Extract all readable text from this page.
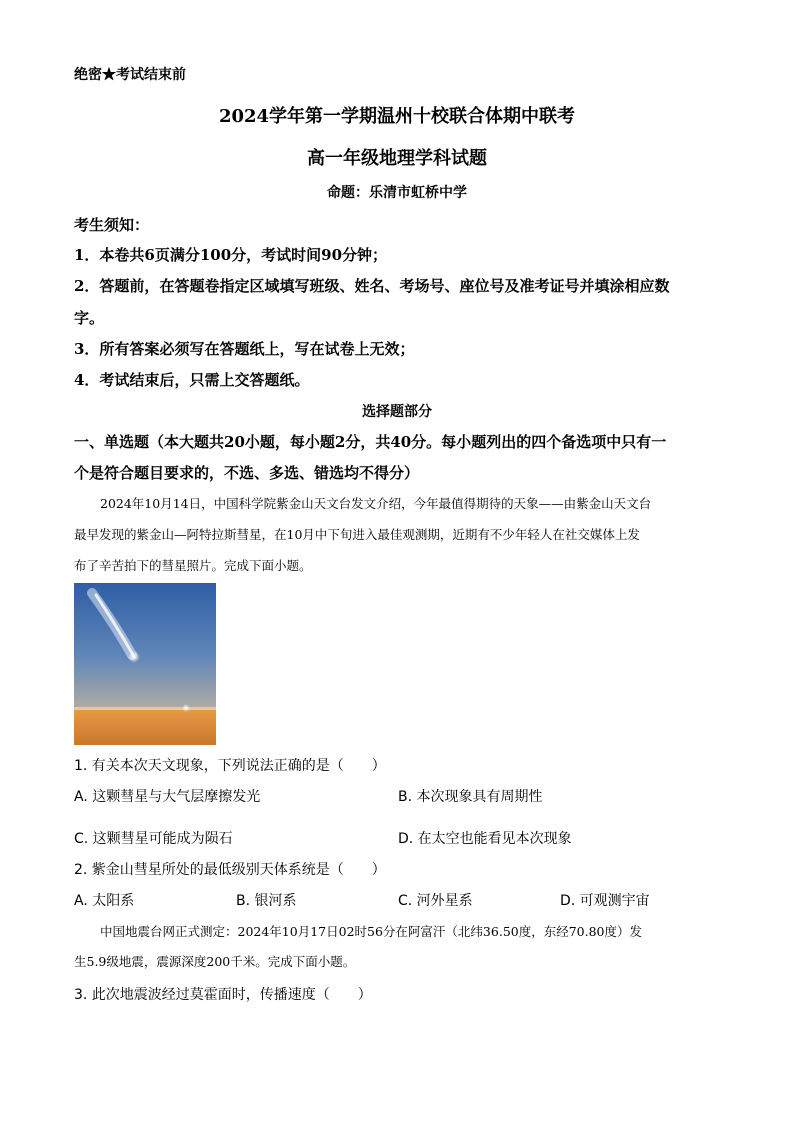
绝密★考试结束前
2024学年第一学期温州十校联合体期中联考
高一年级地理学科试题
命题：乐清市虹桥中学
考生须知：
1．本卷共6页满分100分，考试时间90分钟；
2．答题前，在答题卷指定区域填写班级、姓名、考场号、座位号及准考证号并填涂相应数
字。
3．所有答案必须写在答题纸上，写在试卷上无效；
4．考试结束后，只需上交答题纸。
选择题部分
一、单选题（本大题共20小题，每小题2分，共40分。每小题列出的四个备选项中只有一
个是符合题目要求的，不选、多选、错选均不得分）
2024年10月14日，中国科学院紫金山天文台发文介绍，今年最值得期待的天象——由紫金山天文台
最早发现的紫金山—阿特拉斯彗星，在10月中下旬进入最佳观测期，近期有不少年轻人在社交媒体上发
布了辛苦拍下的彗星照片。完成下面小题。
1. 有关本次天文现象，下列说法正确的是（　　）
A. 这颗彗星与大气层摩擦发光	B. 本次现象具有周期性
C. 这颗彗星可能成为陨石	D. 在太空也能看见本次现象
2. 紫金山彗星所处的最低级别天体系统是（　　）
A. 太阳系	B. 银河系	C. 河外星系	D. 可观测宇宙
中国地震台网正式测定：2024年10月17日02时56分在阿富汗（北纬36.50度，东经70.80度）发
生5.9级地震，震源深度200千米。完成下面小题。
3. 此次地震波经过莫霍面时，传播速度（　　）
